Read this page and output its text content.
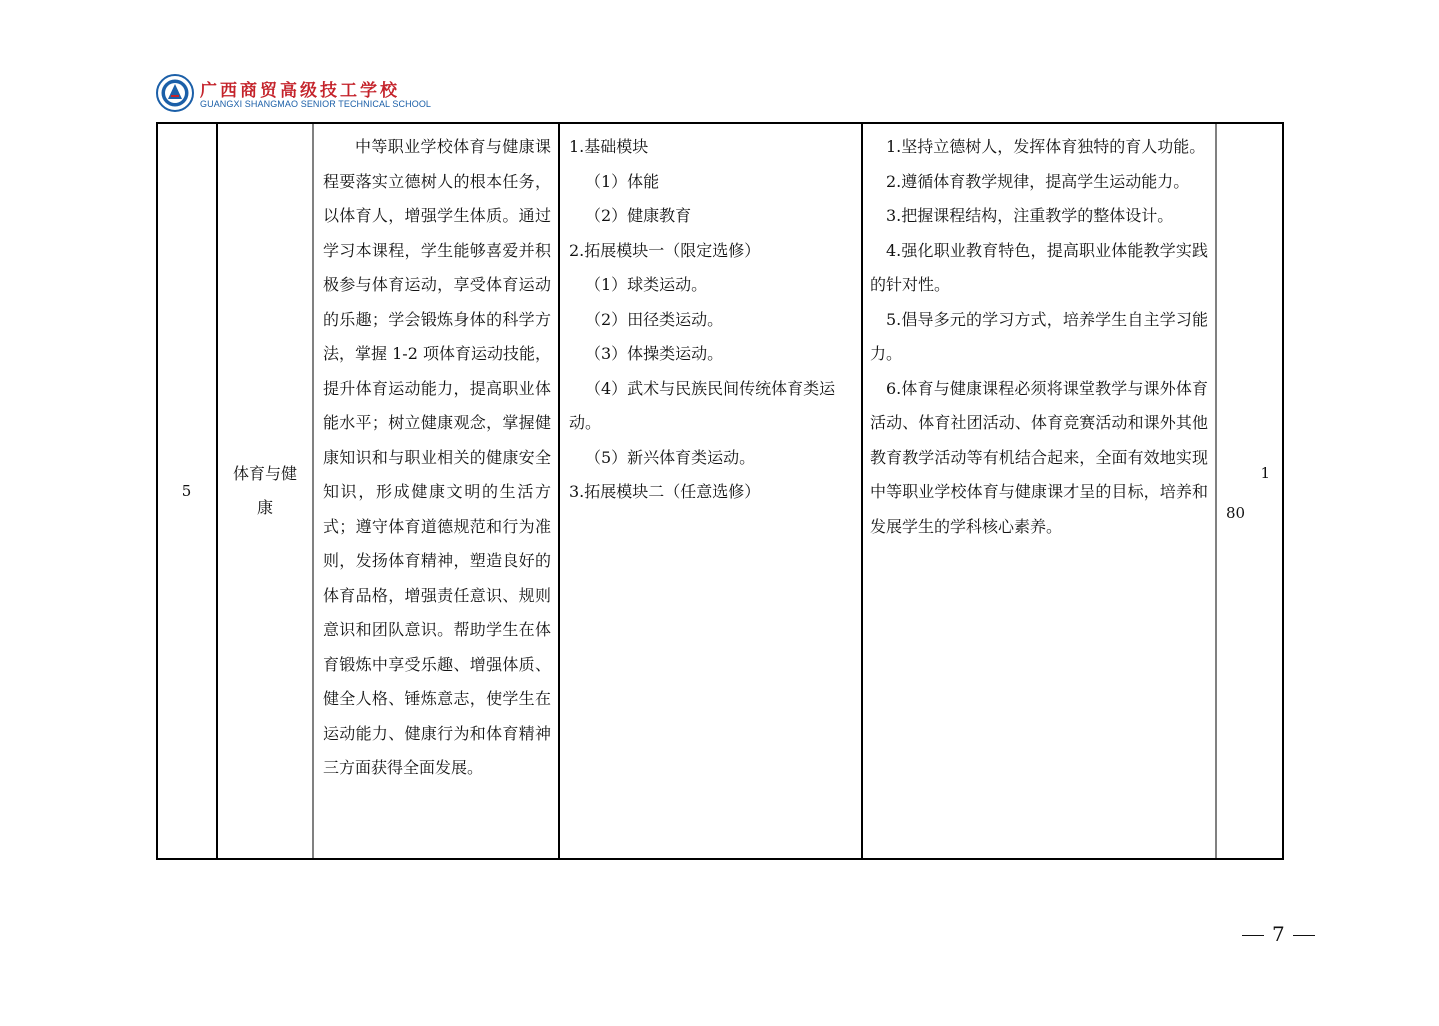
广西商贸高级技工学校
GUANGXI SHANGMAO SENIOR TECHNICAL SCHOOL
5
体育与健康

中等职业学校体育与健康课程要落实立德树人的根本任务，以体育人，增强学生体质。通过学习本课程，学生能够喜爱并积极参与体育运动，享受体育运动的乐趣；学会锻炼身体的科学方法，掌握 1-2 项体育运动技能，提升体育运动能力，提高职业体能水平；树立健康观念，掌握健康知识和与职业相关的健康安全知识，形成健康文明的生活方式；遵守体育道德规范和行为准则，发扬体育精神，塑造良好的体育品格，增强责任意识、规则意识和团队意识。帮助学生在体育锻炼中享受乐趣、增强体质、健全人格、锤炼意志，使学生在运动能力、健康行为和体育精神三方面获得全面发展。

1.基础模块

（1）体能

（2）健康教育

2.拓展模块一（限定选修）

（1）球类运动。

（2）田径类运动。

（3）体操类运动。

（4）武术与民族民间传统体育类运动。

（5）新兴体育类运动。

3.拓展模块二（任意选修）

1.坚持立德树人，发挥体育独特的育人功能。

2.遵循体育教学规律，提高学生运动能力。

3.把握课程结构，注重教学的整体设计。

4.强化职业教育特色，提高职业体能教学实践的针对性。

5.倡导多元的学习方式，培养学生自主学习能力。

6.体育与健康课程必须将课堂教学与课外体育活动、体育社团活动、体育竞赛活动和课外其他教育教学活动等有机结合起来，全面有效地实现中等职业学校体育与健康课才呈的目标，培养和发展学生的学科核心素养。

1
80
7
